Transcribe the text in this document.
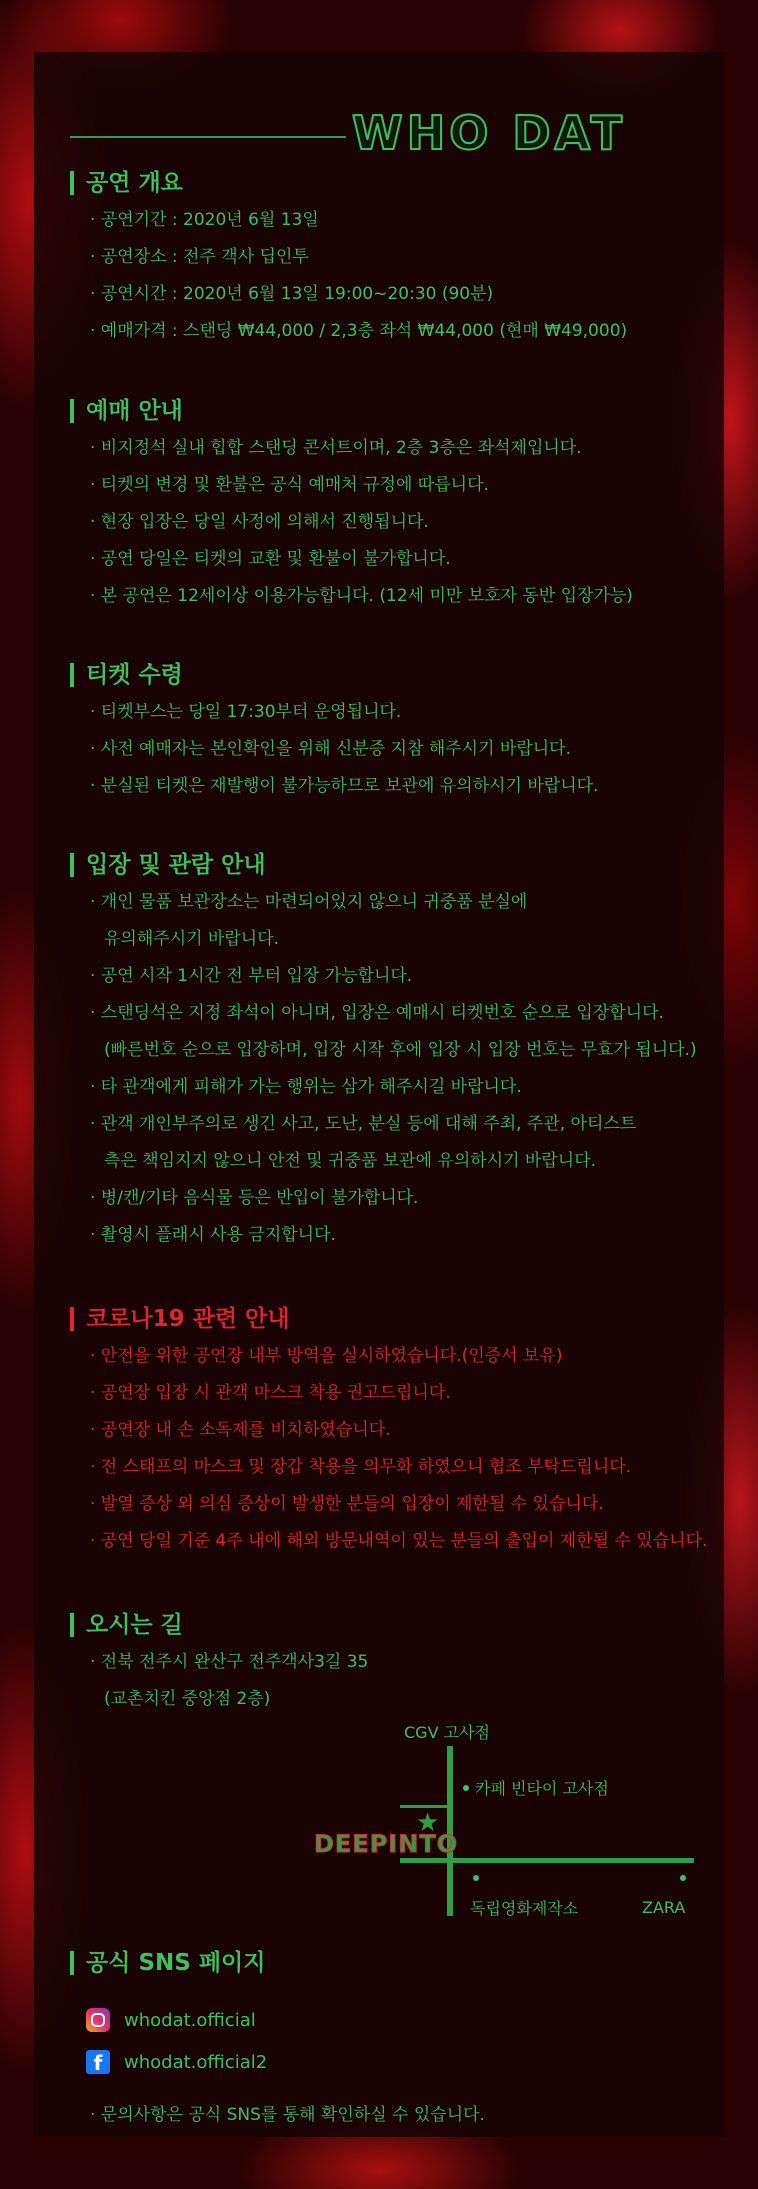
WHO DAT
공연 개요
· 공연기간 : 2020년 6월 13일
· 공연장소 : 전주 객사 딥인투
· 공연시간 : 2020년 6월 13일 19:00~20:30 (90분)
· 예매가격 : 스탠딩 ₩44,000 / 2,3층 좌석 ₩44,000 (현매 ₩49,000)
예매 안내
· 비지정석 실내 힙합 스탠딩 콘서트이며, 2층 3층은 좌석제입니다.
· 티켓의 변경 및 환불은 공식 예매처 규정에 따릅니다.
· 현장 입장은 당일 사정에 의해서 진행됩니다.
· 공연 당일은 티켓의 교환 및 환불이 불가합니다.
· 본 공연은 12세이상 이용가능합니다. (12세 미만 보호자 동반 입장가능)
티켓 수령
· 티켓부스는 당일 17:30부터 운영됩니다.
· 사전 예매자는 본인확인을 위해 신분증 지참 해주시기 바랍니다.
· 분실된 티켓은 재발행이 불가능하므로 보관에 유의하시기 바랍니다.
입장 및 관람 안내
· 개인 물품 보관장소는 마련되어있지 않으니 귀중품 분실에
유의해주시기 바랍니다.
· 공연 시작 1시간 전 부터 입장 가능합니다.
· 스탠딩석은 지정 좌석이 아니며, 입장은 예매시 티켓번호 순으로 입장합니다.
(빠른번호 순으로 입장하며, 입장 시작 후에 입장 시 입장 번호는 무효가 됩니다.)
· 타 관객에게 피해가 가는 행위는 삼가 해주시길 바랍니다.
· 관객 개인부주의로 생긴 사고, 도난, 분실 등에 대해 주최, 주관, 아티스트
측은 책임지지 않으니 안전 및 귀중품 보관에 유의하시기 바랍니다.
· 병/캔/기타 음식물 등은 반입이 불가합니다.
· 촬영시 플래시 사용 금지합니다.
코로나19 관련 안내
· 안전을 위한 공연장 내부 방역을 실시하였습니다.(인증서 보유)
· 공연장 입장 시 관객 마스크 착용 권고드립니다.
· 공연장 내 손 소독제를 비치하였습니다.
· 전 스태프의 마스크 및 장갑 착용을 의무화 하였으니 협조 부탁드립니다.
· 발열 증상 외 의심 증상이 발생한 분들의 입장이 제한될 수 있습니다.
· 공연 당일 기준 4주 내에 해외 방문내역이 있는 분들의 출입이 제한될 수 있습니다.
오시는 길
· 전북 전주시 완산구 전주객사3길 35
(교촌치킨 중앙점 2층)
CGV 고사점
카페 빈타이 고사점
★
DEEPINTO
독립영화제작소	ZARA
공식 SNS 페이지
whodat.official
f	whodat.official2
· 문의사항은 공식 SNS를 통해 확인하실 수 있습니다.
